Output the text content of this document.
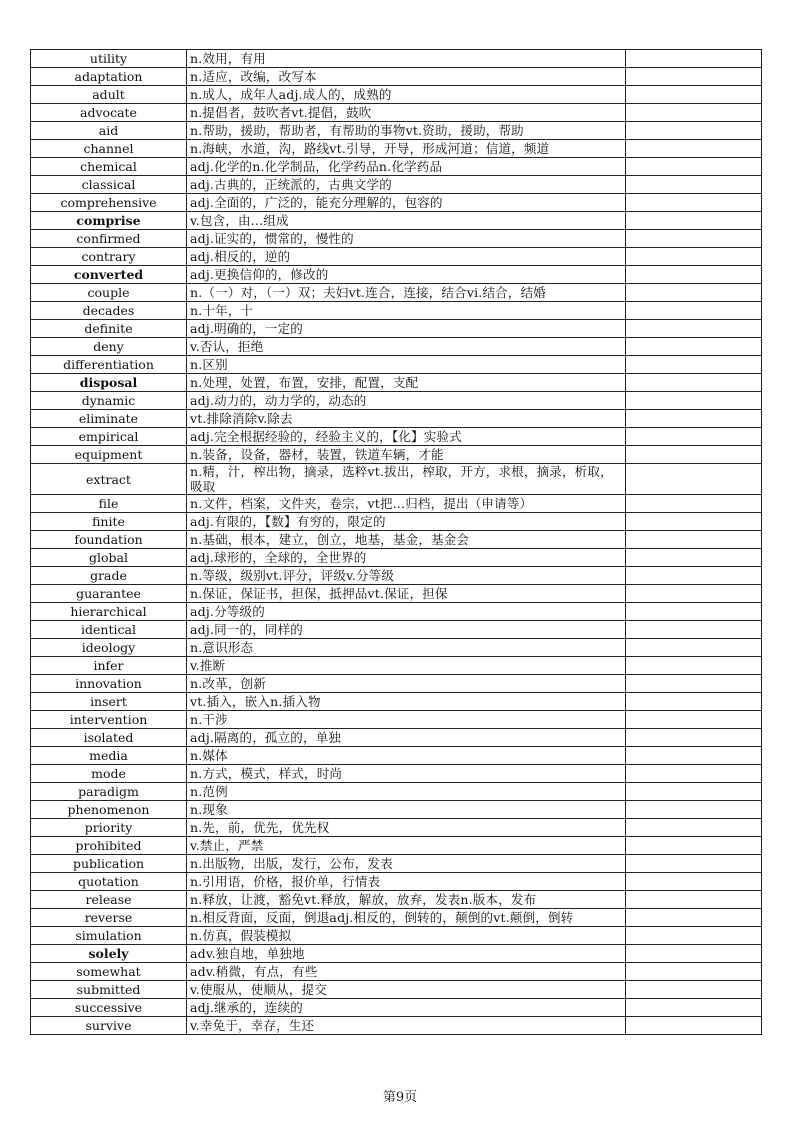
utility	n.效用，有用	
adaptation	n.适应，改编，改写本	
adult	n.成人，成年人adj.成人的，成熟的	
advocate	n.提倡者，鼓吹者vt.提倡，鼓吹	
aid	n.帮助，援助，帮助者，有帮助的事物vt.资助，援助，帮助	
channel	n.海峡，水道，沟，路线vt.引导，开导，形成河道；信道，频道	
chemical	adj.化学的n.化学制品，化学药品n.化学药品	
classical	adj.古典的，正统派的，古典文学的	
comprehensive	adj.全面的，广泛的，能充分理解的，包容的	
comprise	v.包含，由...组成	
confirmed	adj.证实的，惯常的，慢性的	
contrary	adj.相反的，逆的	
converted	adj.更换信仰的，修改的	
couple	n.（一）对，（一）双；夫妇vt.连合，连接，结合vi.结合，结婚	
decades	n.十年，十	
definite	adj.明确的，一定的	
deny	v.否认，拒绝	
differentiation	n.区别	
disposal	n.处理，处置，布置，安排，配置，支配	
dynamic	adj.动力的，动力学的，动态的	
eliminate	vt.排除消除v.除去	
empirical	adj.完全根据经验的，经验主义的，【化】实验式	
equipment	n.装备，设备，器材，装置，铁道车辆，才能	
extract	n.精，汁，榨出物，摘录，选粹vt.拔出，榨取，开方，求根，摘录，析取，吸取	
file	n.文件，档案，文件夹，卷宗，vt把...归档，提出（申请等）	
finite	adj.有限的，【数】有穷的，限定的	
foundation	n.基础，根本，建立，创立，地基，基金，基金会	
global	adj.球形的，全球的，全世界的	
grade	n.等级，级别vt.评分，评级v.分等级	
guarantee	n.保证，保证书，担保，抵押品vt.保证，担保	
hierarchical	adj.分等级的	
identical	adj.同一的，同样的	
ideology	n.意识形态	
infer	v.推断	
innovation	n.改革，创新	
insert	vt.插入，嵌入n.插入物	
intervention	n.干涉	
isolated	adj.隔离的，孤立的，单独	
media	n.媒体	
mode	n.方式，模式，样式，时尚	
paradigm	n.范例	
phenomenon	n.现象	
priority	n.先，前，优先，优先权	
prohibited	v.禁止，严禁	
publication	n.出版物，出版，发行，公布，发表	
quotation	n.引用语，价格，报价单，行情表	
release	n.释放，让渡，豁免vt.释放，解放，放弃，发表n.版本，发布	
reverse	n.相反背面，反面，倒退adj.相反的，倒转的，颠倒的vt.颠倒，倒转	
simulation	n.仿真，假装模拟	
solely	adv.独自地，单独地	
somewhat	adv.稍微，有点，有些	
submitted	v.使服从，使顺从，提交	
successive	adj.继承的，连续的	
survive	v.幸免于，幸存，生还	
第9页
